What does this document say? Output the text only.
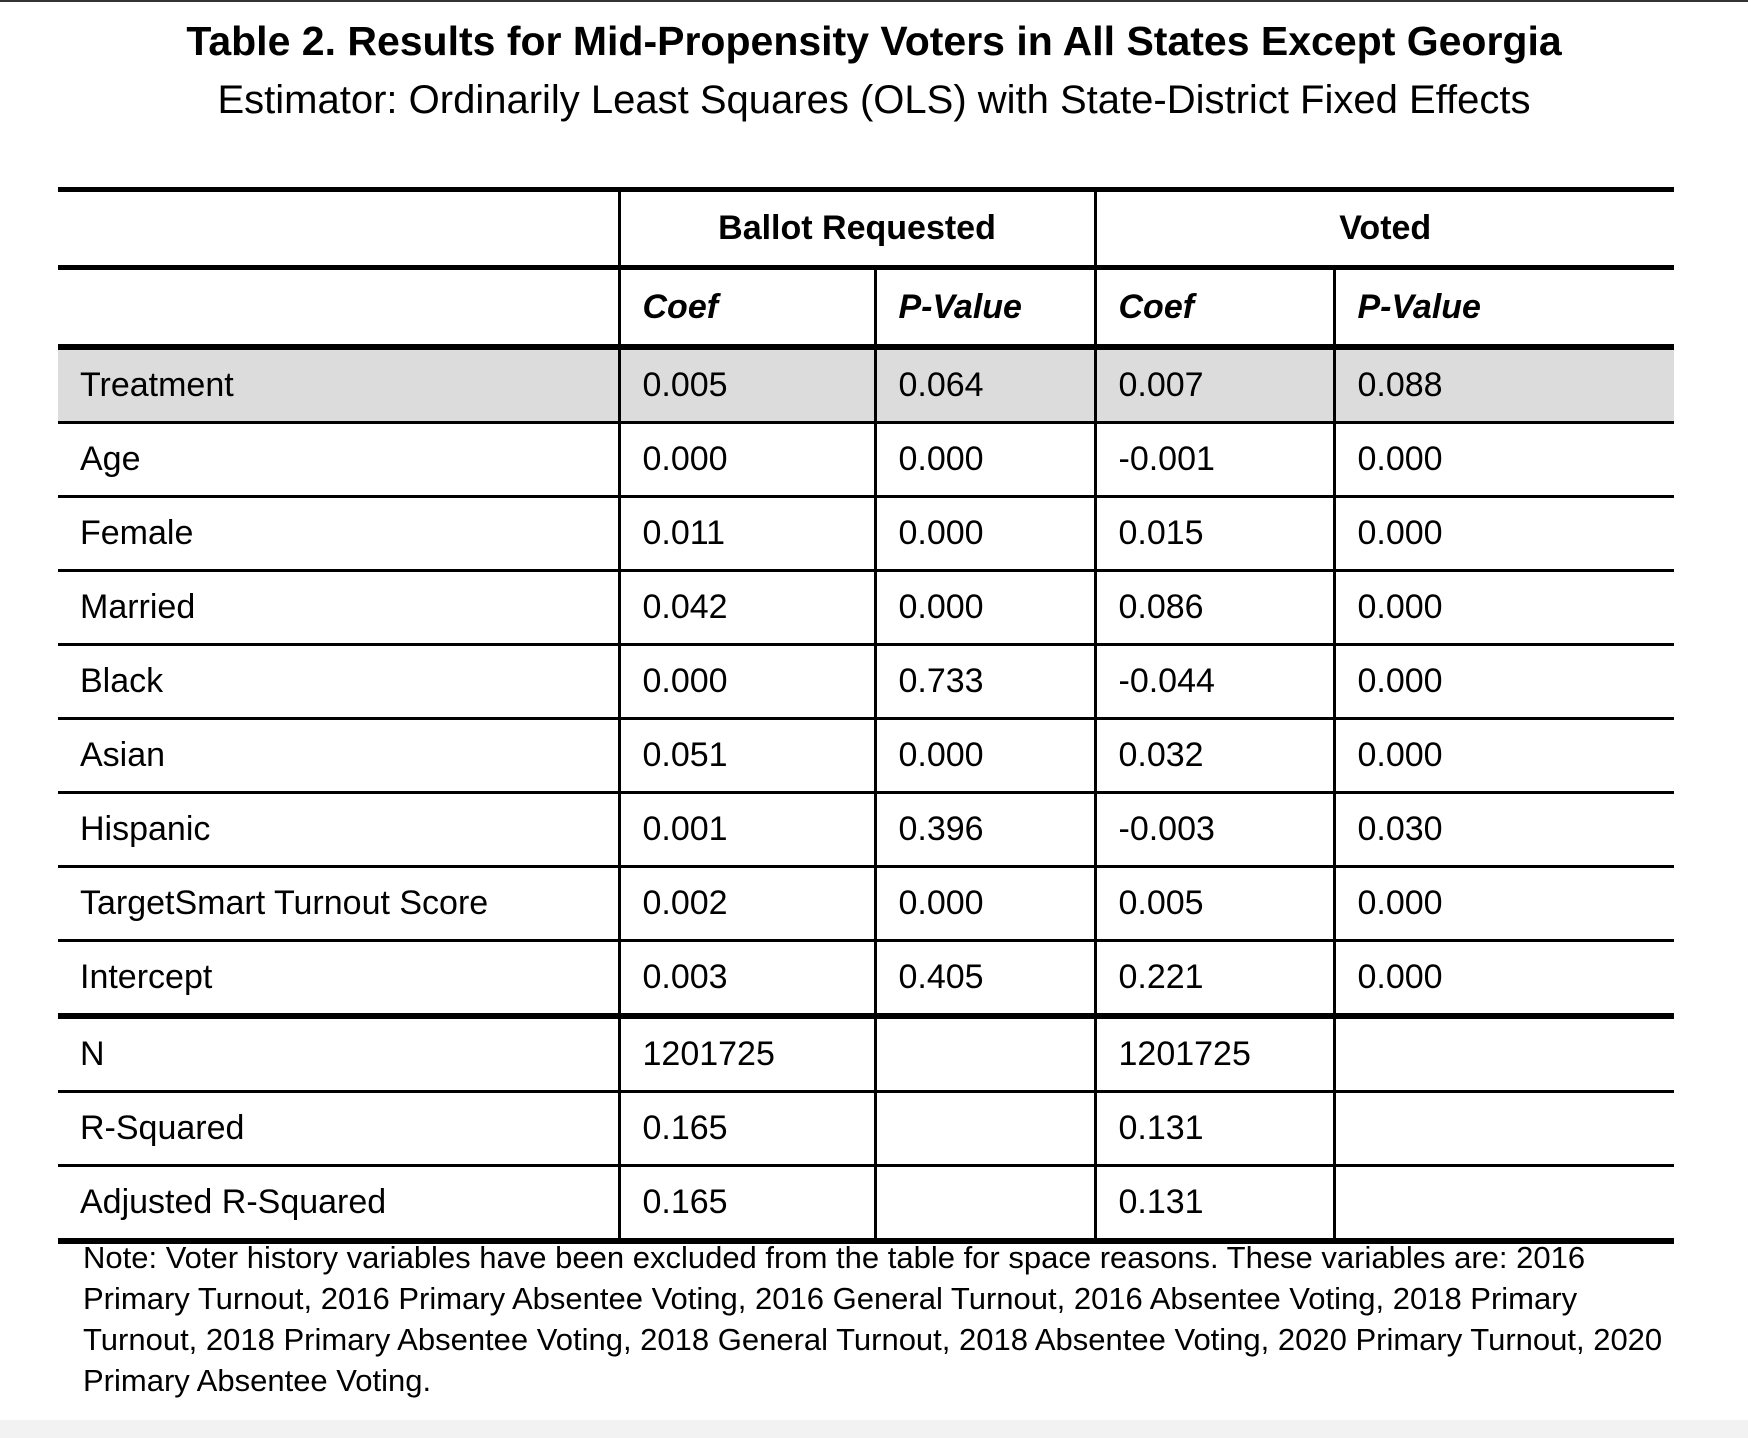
Table 2. Results for Mid-Propensity Voters in All States Except Georgia
Estimator: Ordinarily Least Squares (OLS) with State-District Fixed Effects
	Ballot Requested		Voted	
	Coef	P-Value	Coef	P-Value
Treatment	0.005	0.064	0.007	0.088
Age	0.000	0.000	-0.001	0.000
Female	0.011	0.000	0.015	0.000
Married	0.042	0.000	0.086	0.000
Black	0.000	0.733	-0.044	0.000
Asian	0.051	0.000	0.032	0.000
Hispanic	0.001	0.396	-0.003	0.030
TargetSmart Turnout Score	0.002	0.000	0.005	0.000
Intercept	0.003	0.405	0.221	0.000
N	1201725		1201725	
R-Squared	0.165		0.131	
Adjusted R-Squared	0.165		0.131	
Note: Voter history variables have been excluded from the table for space reasons. These variables are: 2016 Primary Turnout, 2016 Primary Absentee Voting, 2016 General Turnout, 2016 Absentee Voting, 2018 Primary Turnout, 2018 Primary Absentee Voting, 2018 General Turnout, 2018 Absentee Voting, 2020 Primary Turnout, 2020 Primary Absentee Voting.
